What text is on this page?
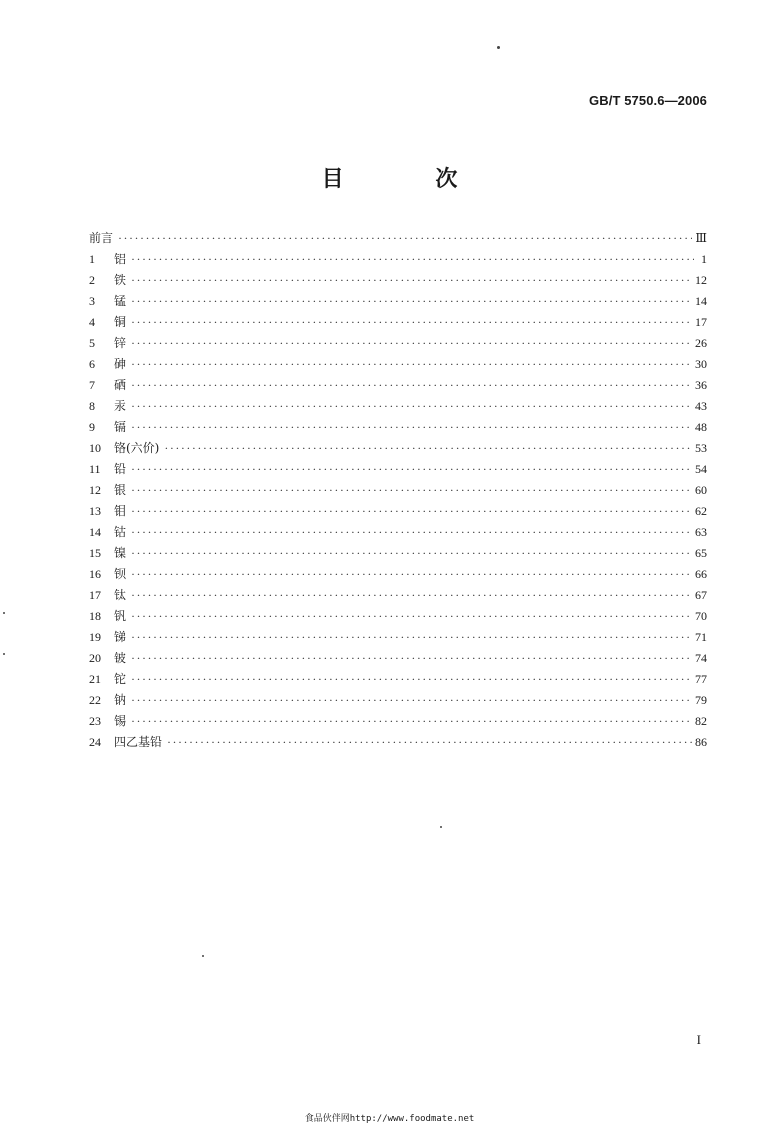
GB/T 5750.6—2006
目 次
前言 ·····	Ⅲ
1	铝 ·····	1
2	铁 ·····	12
3	锰 ·····	14
4	铜 ·····	17
5	锌 ·····	26
6	砷 ·····	30
7	硒 ·····	36
8	汞 ·····	43
9	镉 ·····	48
10	铬(六价) ·····	53
11	铅 ·····	54
12	银 ·····	60
13	钼 ·····	62
14	钴 ·····	63
15	镍 ·····	65
16	钡 ·····	66
17	钛 ·····	67
18	钒 ·····	70
19	锑 ·····	71
20	铍 ·····	74
21	铊 ·····	77
22	钠 ·····	79
23	锡 ·····	82
24	四乙基铅 ·····	86
I
食品伙伴网http://www.foodmate.net
